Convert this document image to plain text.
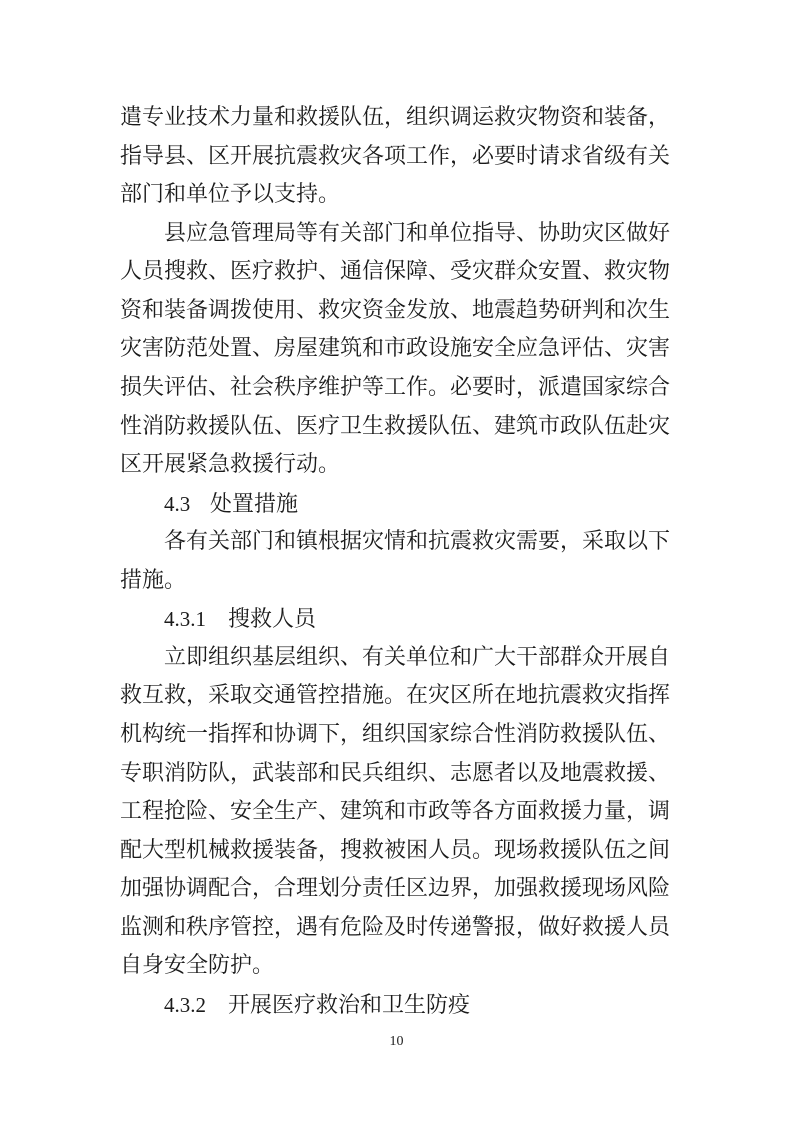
10
遣专业技术力量和救援队伍，组织调运救灾物资和装备，
指导县、区开展抗震救灾各项工作，必要时请求省级有关
部门和单位予以支持。
县应急管理局等有关部门和单位指导、协助灾区做好
人员搜救、医疗救护、通信保障、受灾群众安置、救灾物
资和装备调拨使用、救灾资金发放、地震趋势研判和次生
灾害防范处置、房屋建筑和市政设施安全应急评估、灾害
损失评估、社会秩序维护等工作。必要时，派遣国家综合
性消防救援队伍、医疗卫生救援队伍、建筑市政队伍赴灾
区开展紧急救援行动。
4.3 处置措施
各有关部门和镇根据灾情和抗震救灾需要，采取以下
措施。
4.3.1 搜救人员
立即组织基层组织、有关单位和广大干部群众开展自
救互救，采取交通管控措施。在灾区所在地抗震救灾指挥
机构统一指挥和协调下，组织国家综合性消防救援队伍、
专职消防队，武装部和民兵组织、志愿者以及地震救援、
工程抢险、安全生产、建筑和市政等各方面救援力量，调
配大型机械救援装备，搜救被困人员。现场救援队伍之间
加强协调配合，合理划分责任区边界，加强救援现场风险
监测和秩序管控，遇有危险及时传递警报，做好救援人员
自身安全防护。
4.3.2 开展医疗救治和卫生防疫
